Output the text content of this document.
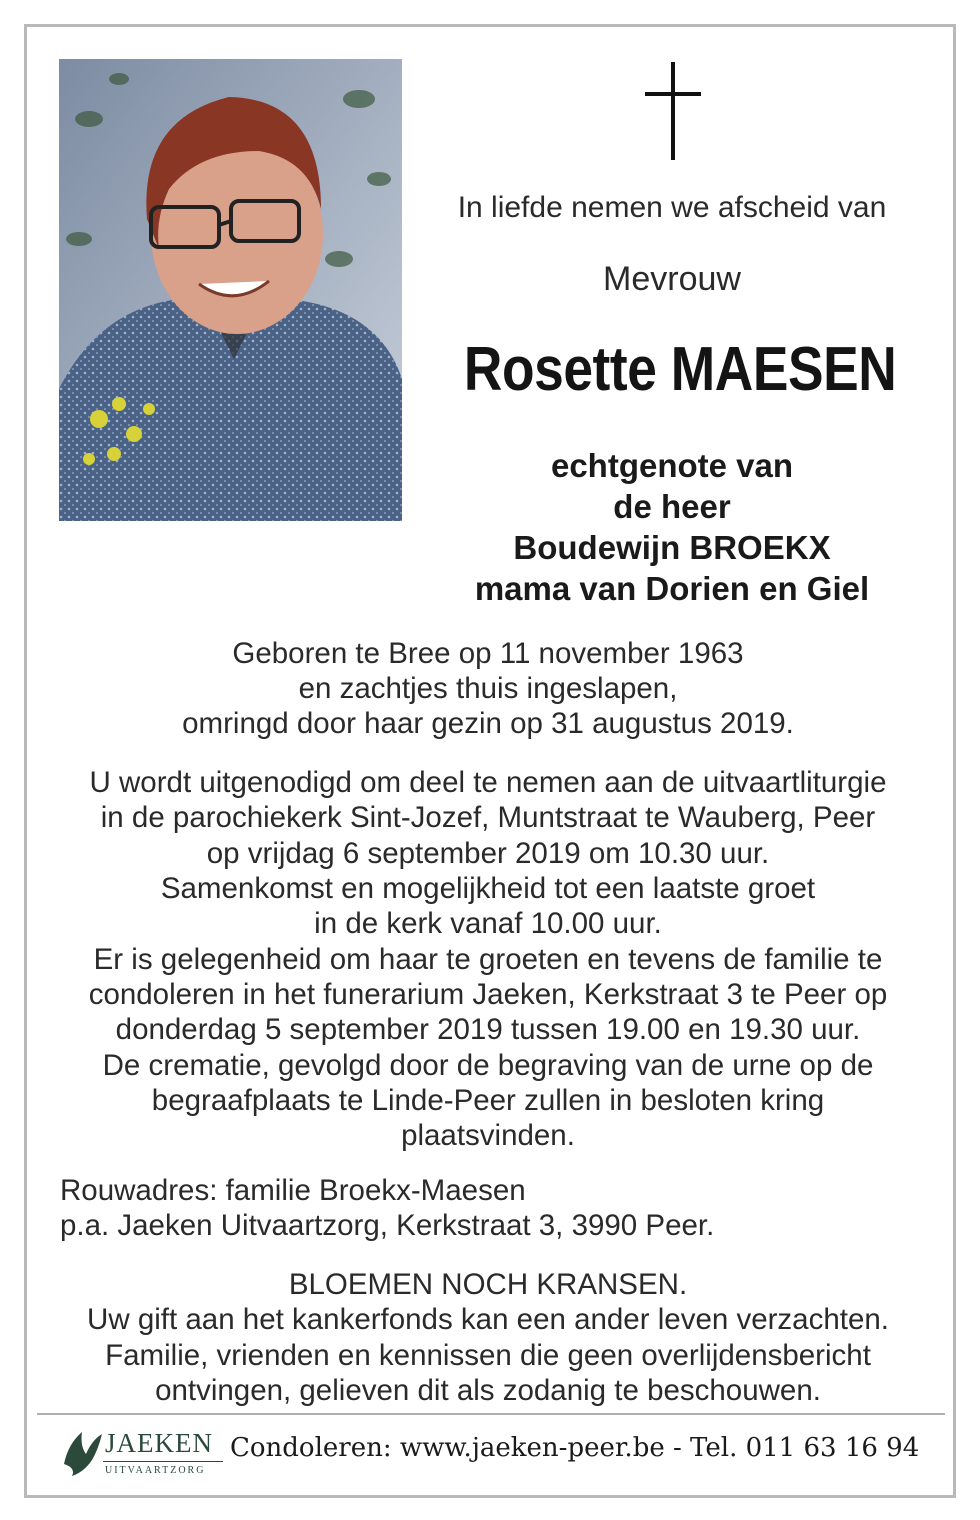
In liefde nemen we afscheid van
Mevrouw
Rosette MAESEN
echtgenote van
de heer
Boudewijn BROEKX
mama van Dorien en Giel
Geboren te Bree op 11 november 1963
en zachtjes thuis ingeslapen,
omringd door haar gezin op 31 augustus 2019.
U wordt uitgenodigd om deel te nemen aan de uitvaartliturgie
in de parochiekerk Sint-Jozef, Muntstraat te Wauberg, Peer
op vrijdag 6 september 2019 om 10.30 uur.
Samenkomst en mogelijkheid tot een laatste groet
in de kerk vanaf 10.00 uur.
Er is gelegenheid om haar te groeten en tevens de familie te
condoleren in het funerarium Jaeken, Kerkstraat 3 te Peer op
donderdag 5 september 2019 tussen 19.00 en 19.30 uur.
De crematie, gevolgd door de begraving van de urne op de
begraafplaats te Linde-Peer zullen in besloten kring
plaatsvinden.
Rouwadres: familie Broekx-Maesen
p.a. Jaeken Uitvaartzorg, Kerkstraat 3, 3990 Peer.
BLOEMEN NOCH KRANSEN.
Uw gift aan het kankerfonds kan een ander leven verzachten.
Familie, vrienden en kennissen die geen overlijdensbericht
ontvingen, gelieven dit als zodanig te beschouwen.
JAEKEN
UITVAARTZORG
Condoleren: www.jaeken-peer.be - Tel. 011 63 16 94
